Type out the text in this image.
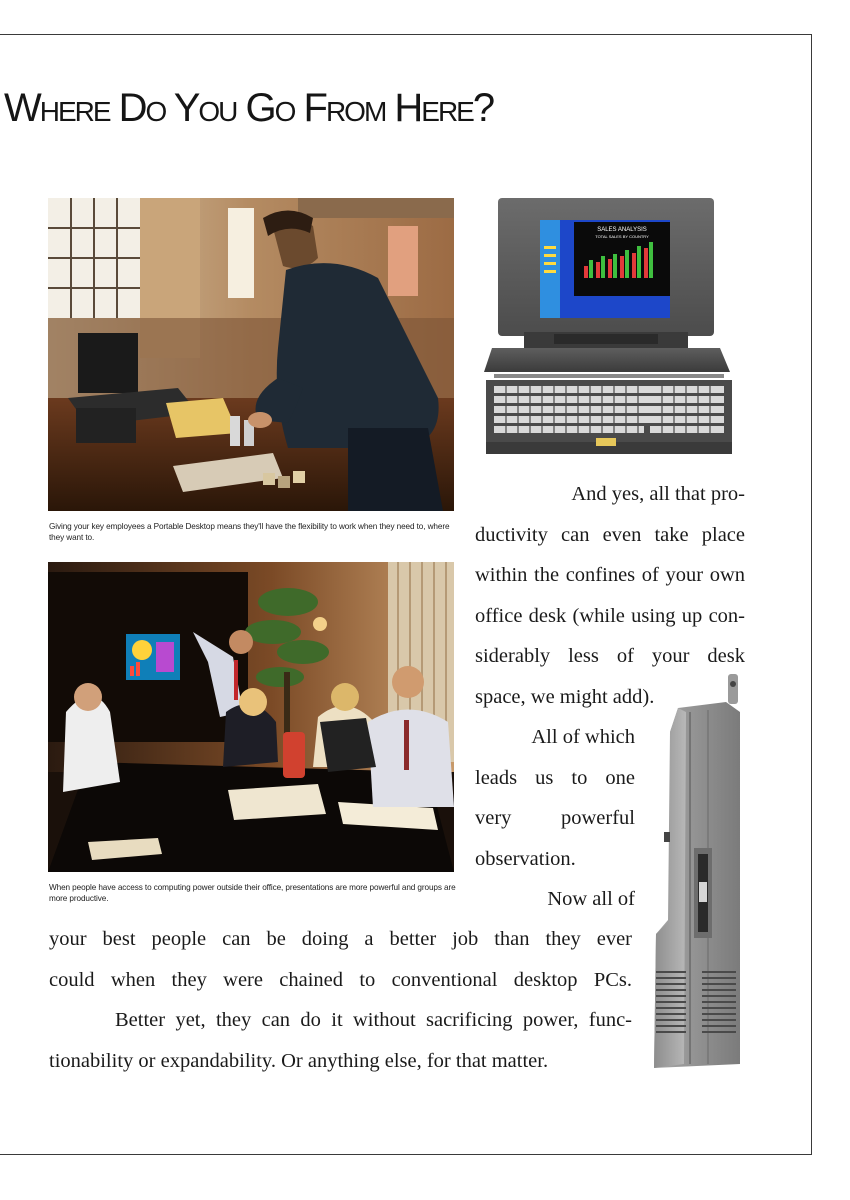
Where Do You Go From Here?

Giving your key employees a Portable Desktop means they'll have the flexibility to work when they need to, where they want to.

SALES ANALYSIS
TOTAL SALES BY COUNTRY

When people have access to computing power outside their office, presentations are more powerful and groups are more productive.

And yes, all that pro-
ductivity can even take place
within the confines of your own
office desk (while using up con-
siderably less of your desk
space, we might add).
All of which
leads us to one
very powerful
observation.
Now all of
your best people can be doing a better job than they ever
could when they were chained to conventional desktop PCs.
Better yet, they can do it without sacrificing power, func-
tionability or expandability. Or anything else, for that matter.
